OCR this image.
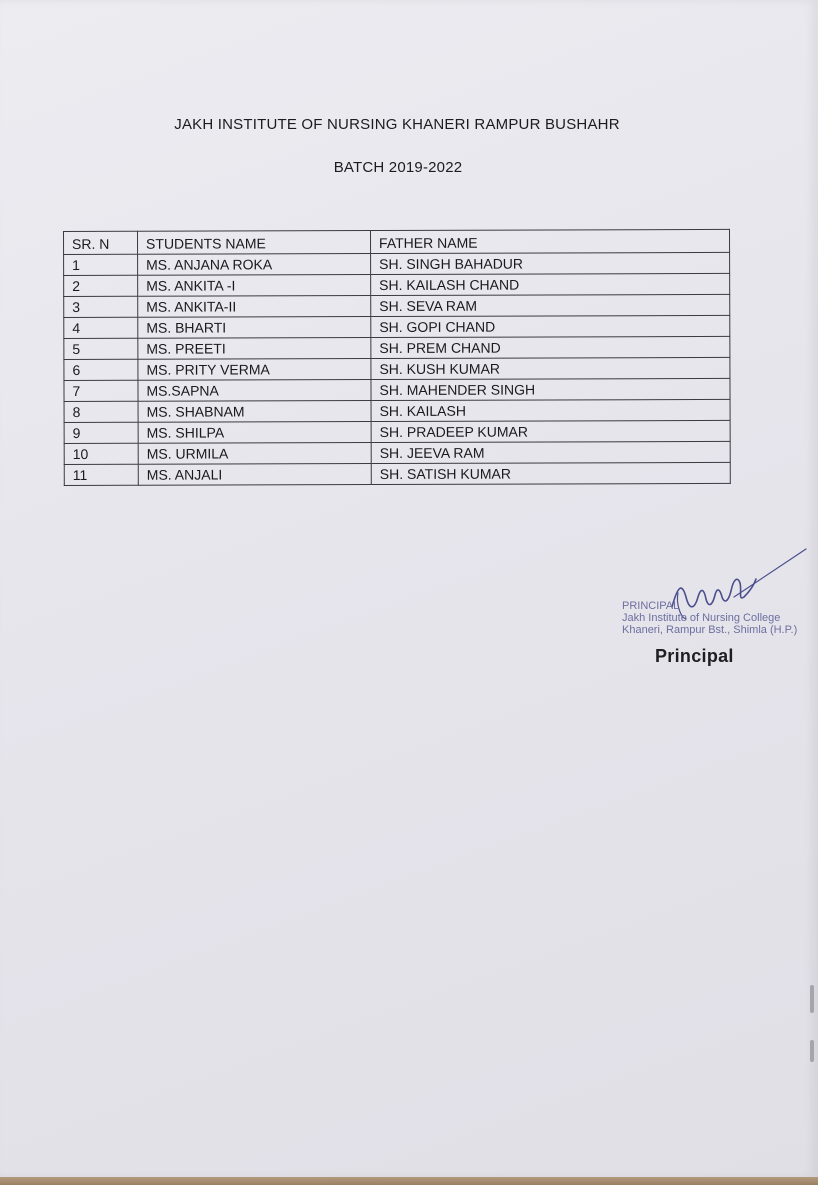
JAKH INSTITUTE OF NURSING KHANERI RAMPUR BUSHAHR
BATCH 2019-2022
SR. N	STUDENTS NAME	FATHER NAME
1	MS. ANJANA ROKA	SH. SINGH BAHADUR
2	MS. ANKITA -I	SH. KAILASH CHAND
3	MS. ANKITA-II	SH. SEVA RAM
4	MS. BHARTI	SH. GOPI CHAND
5	MS. PREETI	SH. PREM CHAND
6	MS. PRITY VERMA	SH. KUSH KUMAR
7	MS.SAPNA	SH. MAHENDER SINGH
8	MS. SHABNAM	SH. KAILASH
9	MS. SHILPA	SH. PRADEEP KUMAR
10	MS. URMILA	SH. JEEVA RAM
11	MS. ANJALI	SH. SATISH KUMAR
PRINCIPAL
Jakh Institute of Nursing College
Khaneri, Rampur Bst., Shimla (H.P.)
Principal
